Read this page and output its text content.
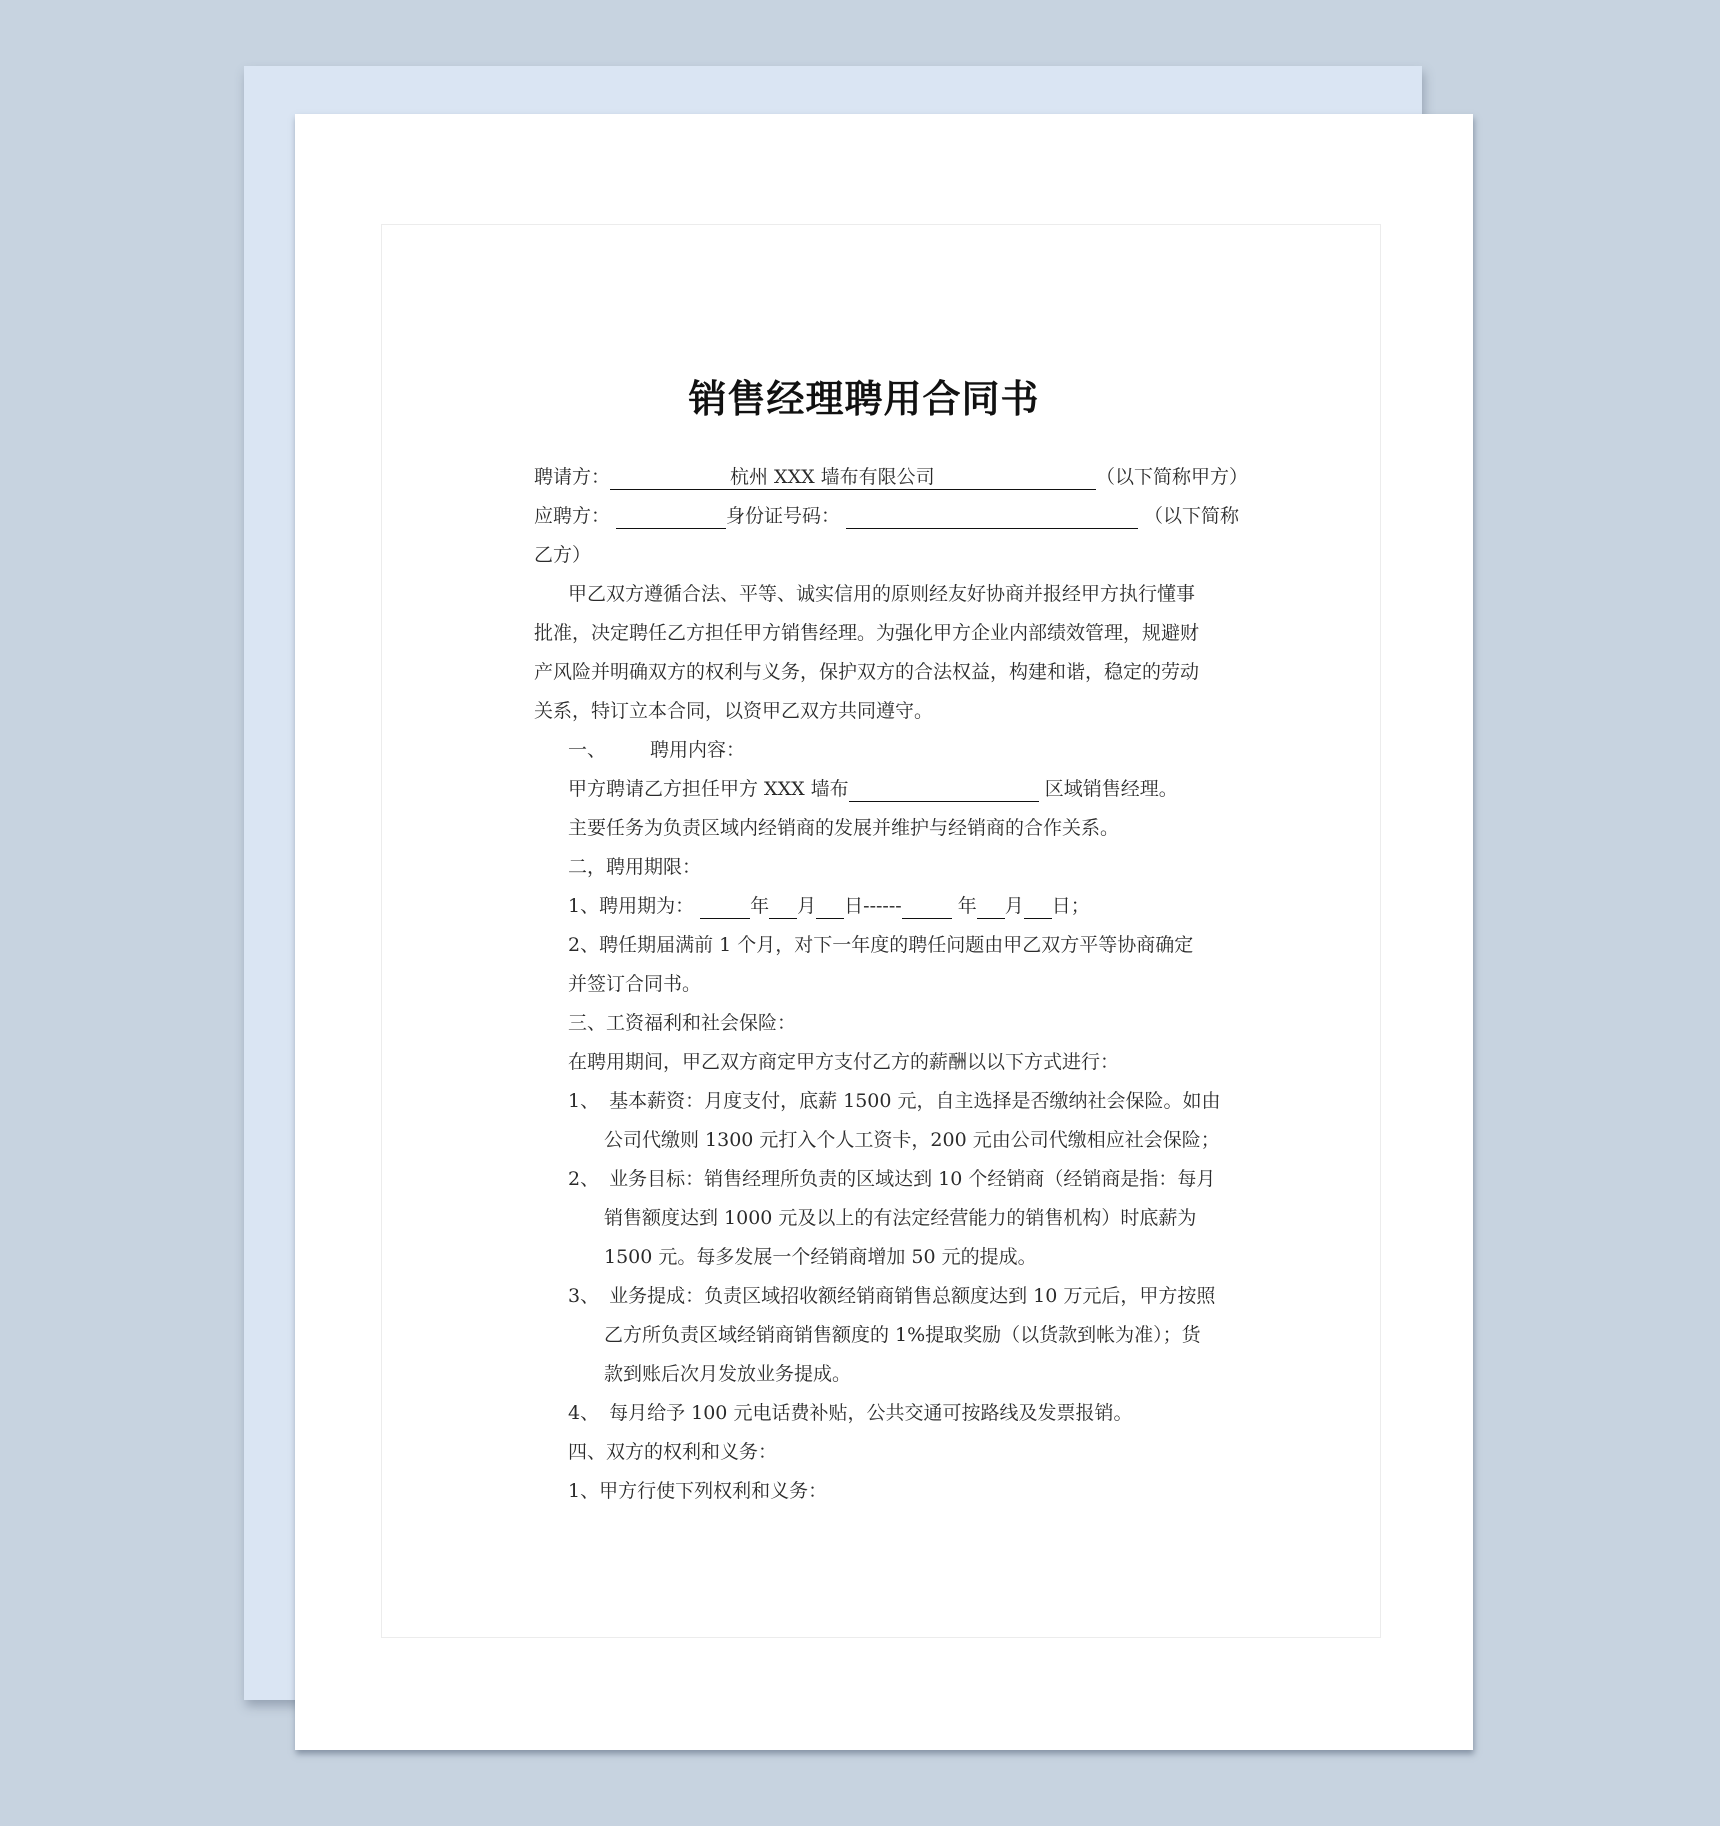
销售经理聘用合同书
聘请方：	杭州 XXX 墙布有限公司	（以下简称甲方）
应聘方：	身份证号码：	（以下简称
乙方）
甲乙双方遵循合法、平等、诚实信用的原则经友好协商并报经甲方执行懂事
批准，决定聘任乙方担任甲方销售经理。为强化甲方企业内部绩效管理，规避财
产风险并明确双方的权利与义务，保护双方的合法权益，构建和谐，稳定的劳动
关系，特订立本合同，以资甲乙双方共同遵守。
一、 聘用内容：
甲方聘请乙方担任甲方 XXX 墙布	区域销售经理。
主要任务为负责区域内经销商的发展并维护与经销商的合作关系。
二，聘用期限：
1、聘用期为：	年 月 日------	年 月 日；
2、聘任期届满前 1 个月，对下一年度的聘任问题由甲乙双方平等协商确定
并签订合同书。
三、工资福利和社会保险：
在聘用期间，甲乙双方商定甲方支付乙方的薪酬以以下方式进行：
1、 基本薪资：月度支付，底薪 1500 元，自主选择是否缴纳社会保险。如由
公司代缴则 1300 元打入个人工资卡，200 元由公司代缴相应社会保险；
2、 业务目标：销售经理所负责的区域达到 10 个经销商（经销商是指：每月
销售额度达到 1000 元及以上的有法定经营能力的销售机构）时底薪为
1500 元。每多发展一个经销商增加 50 元的提成。
3、 业务提成：负责区域招收额经销商销售总额度达到 10 万元后，甲方按照
乙方所负责区域经销商销售额度的 1%提取奖励（以货款到帐为准）；货
款到账后次月发放业务提成。
4、 每月给予 100 元电话费补贴，公共交通可按路线及发票报销。
四、双方的权利和义务：
1、甲方行使下列权利和义务：
